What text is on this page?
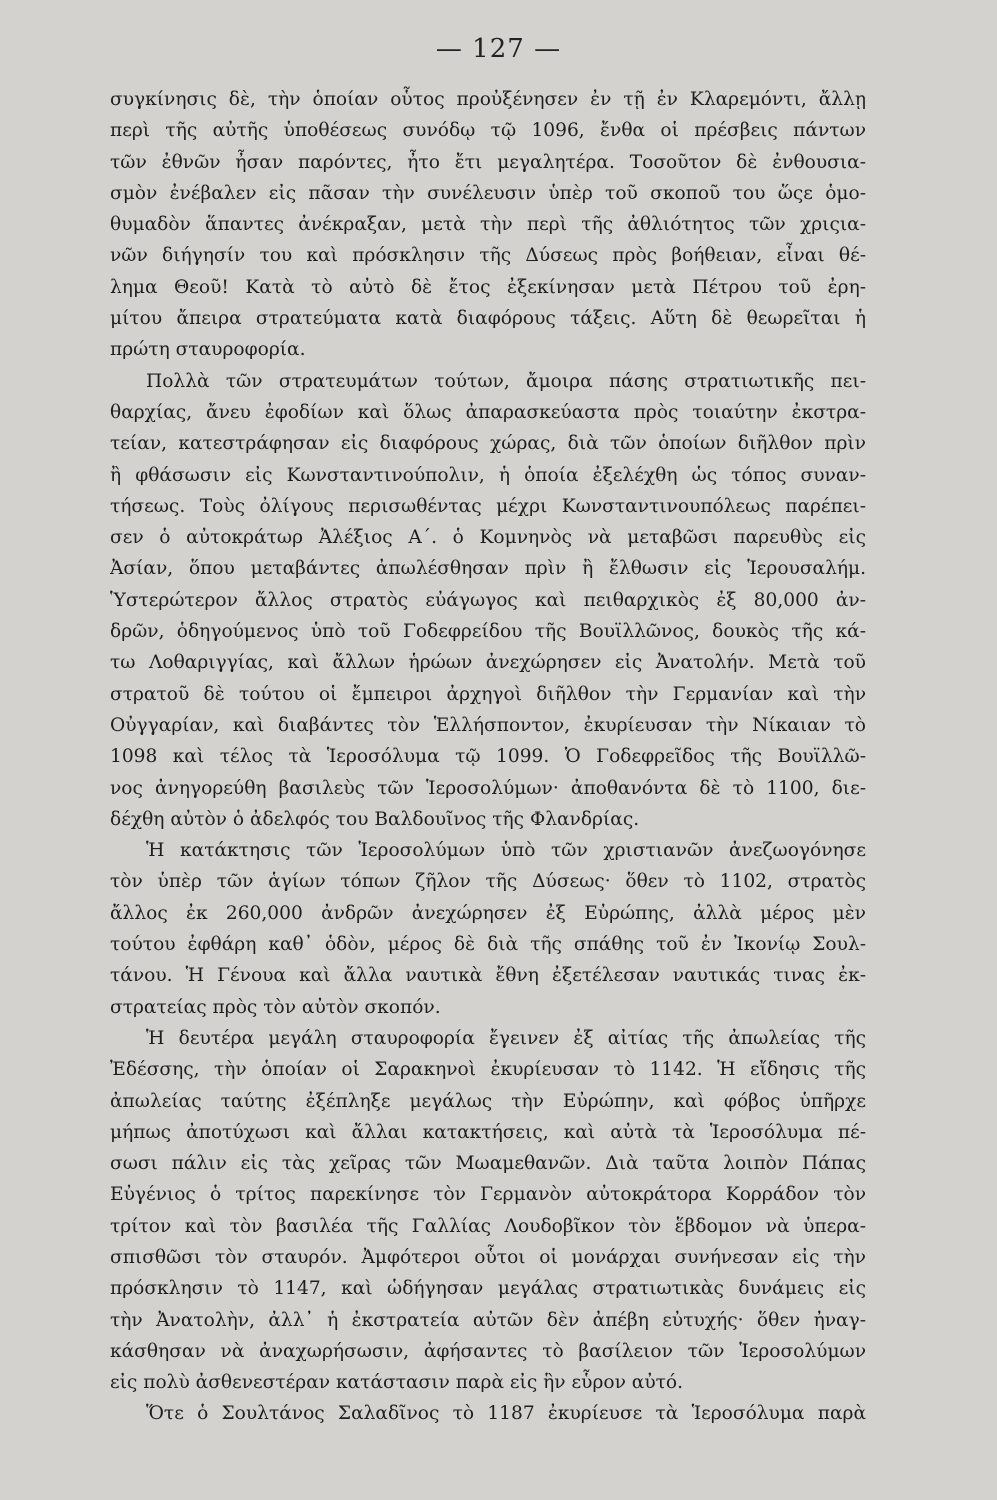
— 127 —
συγκίνησις δὲ, τὴν ὁποίαν οὗτος προὐξένησεν ἐν τῇ ἐν Κλαρεμόντι, ἄλλῃ
περὶ τῆς αὐτῆς ὑποθέσεως συνόδῳ τῷ 1096, ἔνθα οἱ πρέσβεις πάντων
τῶν ἐθνῶν ἦσαν παρόντες, ἦτο ἔτι μεγαλητέρα. Τοσοῦτον δὲ ἐνθουσια-
σμὸν ἐνέβαλεν εἰς πᾶσαν τὴν συνέλευσιν ὑπὲρ τοῦ σκοποῦ του ὥςε ὁμο-
θυμαδὸν ἅπαντες ἀνέκραξαν, μετὰ τὴν περὶ τῆς ἀθλιότητος τῶν χριςια-
νῶν διήγησίν του καὶ πρόσκλησιν τῆς Δύσεως πρὸς βοήθειαν, εἶναι θέ-
λημα Θεοῦ! Κατὰ τὸ αὐτὸ δὲ ἔτος ἐξεκίνησαν μετὰ Πέτρου τοῦ ἐρη-
μίτου ἄπειρα στρατεύματα κατὰ διαφόρους τάξεις. Αὕτη δὲ θεωρεῖται ἡ
πρώτη σταυροφορία.
Πολλὰ τῶν στρατευμάτων τούτων, ἄμοιρα πάσης στρατιωτικῆς πει-
θαρχίας, ἄνευ ἐφοδίων καὶ ὅλως ἀπαρασκεύαστα πρὸς τοιαύτην ἐκστρα-
τείαν, κατεστράφησαν εἰς διαφόρους χώρας, διὰ τῶν ὁποίων διῆλθον πρὶν
ἢ φθάσωσιν εἰς Κωνσταντινούπολιν, ἡ ὁποία ἐξελέχθη ὡς τόπος συναν-
τήσεως. Τοὺς ὀλίγους περισωθέντας μέχρι Κωνσταντινουπόλεως παρέπει-
σεν ὁ αὐτοκράτωρ Ἀλέξιος Α΄. ὁ Κομνηνὸς νὰ μεταβῶσι παρευθὺς εἰς
Ἀσίαν, ὅπου μεταβάντες ἀπωλέσθησαν πρὶν ἢ ἔλθωσιν εἰς Ἱερουσαλήμ.
Ὑστερώτερον ἄλλος στρατὸς εὐάγωγος καὶ πειθαρχικὸς ἐξ 80,000 ἀν-
δρῶν, ὁδηγούμενος ὑπὸ τοῦ Γοδεφρείδου τῆς Βουϊλλῶνος, δουκὸς τῆς κά-
τω Λοθαριγγίας, καὶ ἄλλων ἡρώων ἀνεχώρησεν εἰς Ἀνατολήν. Μετὰ τοῦ
στρατοῦ δὲ τούτου οἱ ἔμπειροι ἀρχηγοὶ διῆλθον τὴν Γερμανίαν καὶ τὴν
Οὐγγαρίαν, καὶ διαβάντες τὸν Ἑλλήσποντον, ἐκυρίευσαν τὴν Νίκαιαν τὸ
1098 καὶ τέλος τὰ Ἱεροσόλυμα τῷ 1099. Ὁ Γοδεφρεῖδος τῆς Βουϊλλῶ-
νος ἀνηγορεύθη βασιλεὺς τῶν Ἱεροσολύμων· ἀποθανόντα δὲ τὸ 1100, διε-
δέχθη αὐτὸν ὁ ἀδελφός του Βαλδουῖνος τῆς Φλανδρίας.
Ἡ κατάκτησις τῶν Ἱεροσολύμων ὑπὸ τῶν χριστιανῶν ἀνεζωογόνησε
τὸν ὑπὲρ τῶν ἁγίων τόπων ζῆλον τῆς Δύσεως· ὅθεν τὸ 1102, στρατὸς
ἄλλος ἐκ 260,000 ἀνδρῶν ἀνεχώρησεν ἐξ Εὐρώπης, ἀλλὰ μέρος μὲν
τούτου ἐφθάρη καθ᾽ ὁδὸν, μέρος δὲ διὰ τῆς σπάθης τοῦ ἐν Ἰκονίῳ Σουλ-
τάνου. Ἡ Γένουα καὶ ἄλλα ναυτικὰ ἔθνη ἐξετέλεσαν ναυτικάς τινας ἐκ-
στρατείας πρὸς τὸν αὐτὸν σκοπόν.
Ἡ δευτέρα μεγάλη σταυροφορία ἔγεινεν ἐξ αἰτίας τῆς ἀπωλείας τῆς
Ἐδέσσης, τὴν ὁποίαν οἱ Σαρακηνοὶ ἐκυρίευσαν τὸ 1142. Ἡ εἴδησις τῆς
ἀπωλείας ταύτης ἐξέπληξε μεγάλως τὴν Εὐρώπην, καὶ φόβος ὑπῆρχε
μήπως ἀποτύχωσι καὶ ἄλλαι κατακτήσεις, καὶ αὐτὰ τὰ Ἱεροσόλυμα πέ-
σωσι πάλιν εἰς τὰς χεῖρας τῶν Μωαμεθανῶν. Διὰ ταῦτα λοιπὸν Πάπας
Εὐγένιος ὁ τρίτος παρεκίνησε τὸν Γερμανὸν αὐτοκράτορα Κορράδον τὸν
τρίτον καὶ τὸν βασιλέα τῆς Γαλλίας Λουδοβῖκον τὸν ἕβδομον νὰ ὑπερα-
σπισθῶσι τὸν σταυρόν. Ἀμφότεροι οὗτοι οἱ μονάρχαι συνήνεσαν εἰς τὴν
πρόσκλησιν τὸ 1147, καὶ ὡδήγησαν μεγάλας στρατιωτικὰς δυνάμεις εἰς
τὴν Ἀνατολὴν, ἀλλ᾽ ἡ ἐκστρατεία αὐτῶν δὲν ἀπέβη εὐτυχής· ὅθεν ἠναγ-
κάσθησαν νὰ ἀναχωρήσωσιν, ἀφήσαντες τὸ βασίλειον τῶν Ἱεροσολύμων
εἰς πολὺ ἀσθενεστέραν κατάστασιν παρὰ εἰς ἣν εὗρον αὐτό.
Ὅτε ὁ Σουλτάνος Σαλαδῖνος τὸ 1187 ἐκυρίευσε τὰ Ἱεροσόλυμα παρὰ
